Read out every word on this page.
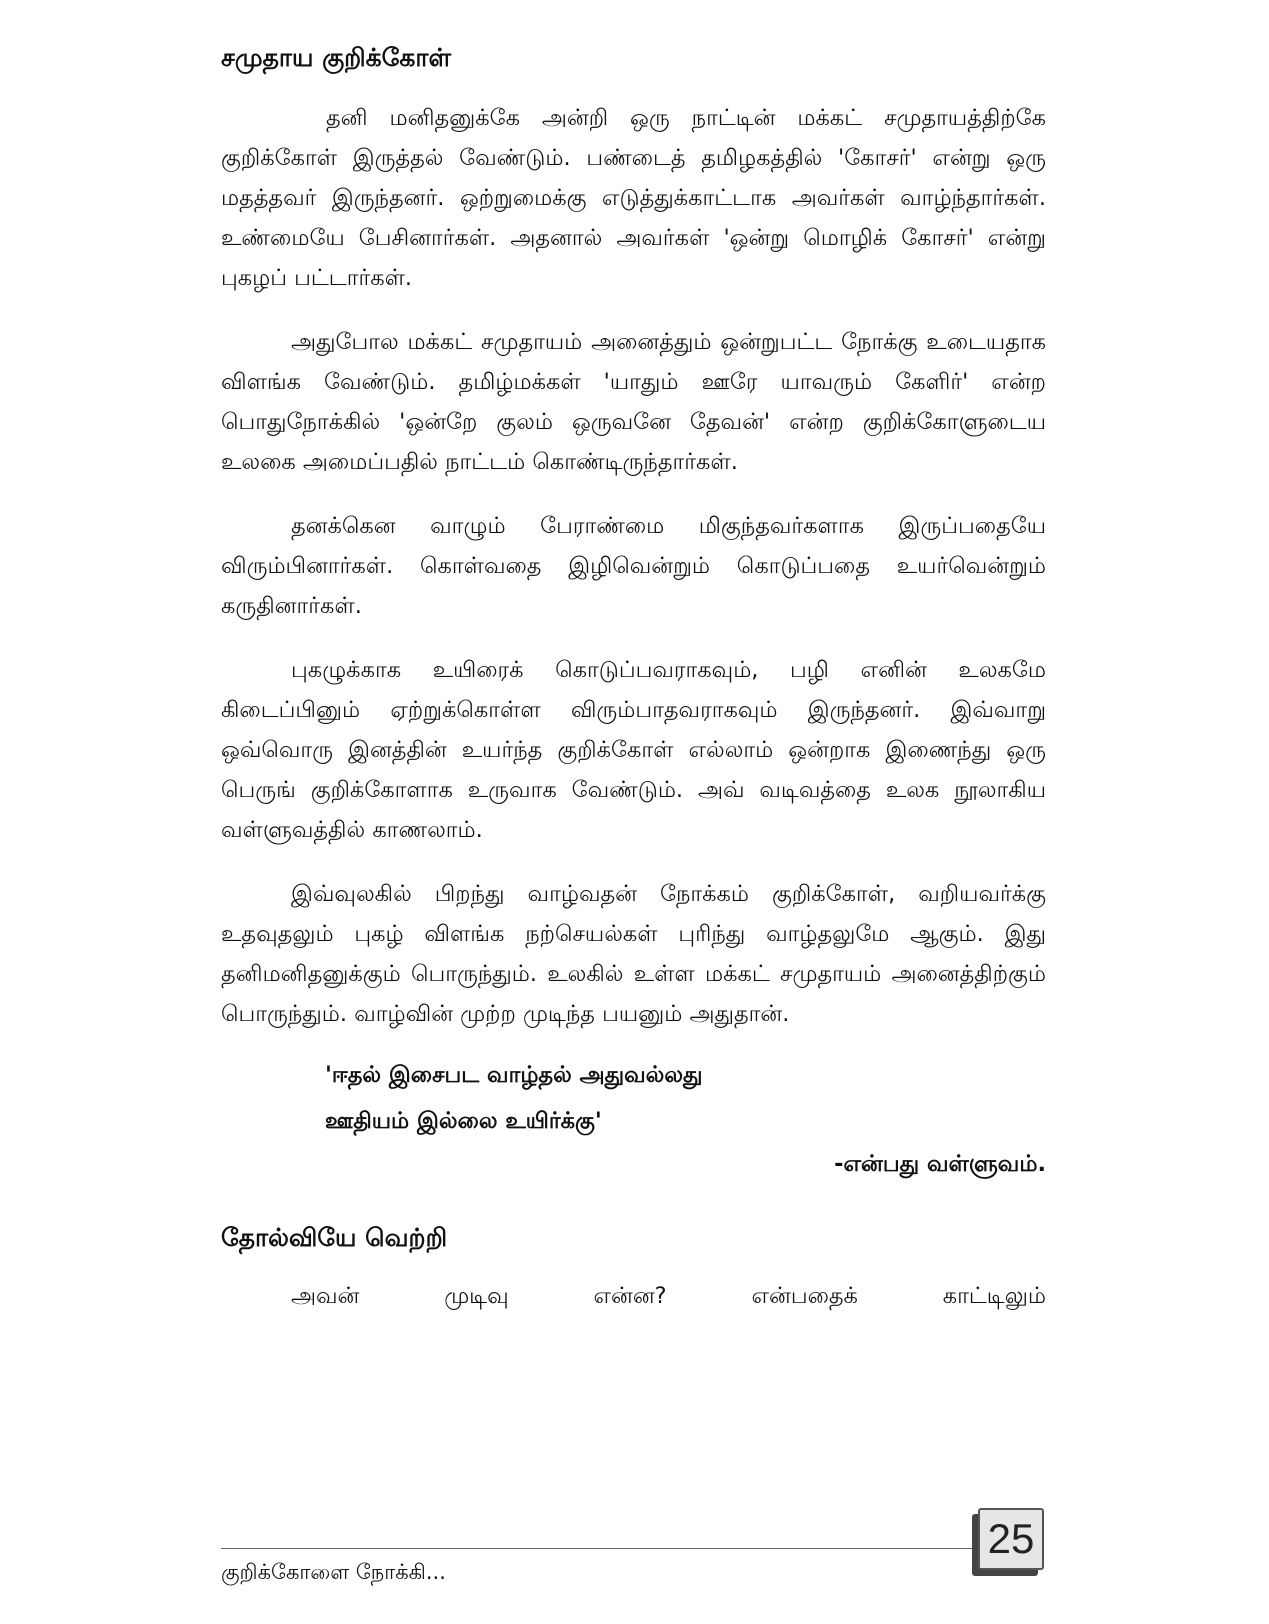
சமுதாய குறிக்கோள்

தனி மனிதனுக்கே அன்றி ஒரு நாட்டின் மக்கட் சமுதாயத்திற்கே குறிக்கோள் இருத்தல் வேண்டும். பண்டைத் தமிழகத்தில் 'கோசர்' என்று ஒரு மதத்தவர் இருந்தனர். ஒற்றுமைக்கு எடுத்துக்காட்டாக அவர்கள் வாழ்ந்தார்கள். உண்மையே பேசினார்கள். அதனால் அவர்கள் 'ஒன்று மொழிக் கோசர்' என்று புகழப் பட்டார்கள்.

அதுபோல மக்கட் சமுதாயம் அனைத்தும் ஒன்றுபட்ட நோக்கு உடையதாக விளங்க வேண்டும். தமிழ்மக்கள் 'யாதும் ஊரே யாவரும் கேளிர்' என்ற பொதுநோக்கில் 'ஒன்றே குலம் ஒருவனே தேவன்' என்ற குறிக்கோளுடைய உலகை அமைப்பதில் நாட்டம் கொண்டிருந்தார்கள்.

தனக்கென வாழும் பேராண்மை மிகுந்தவர்களாக இருப்பதையே விரும்பினார்கள். கொள்வதை இழிவென்றும் கொடுப்பதை உயர்வென்றும் கருதினார்கள்.

புகழுக்காக உயிரைக் கொடுப்பவராகவும், பழி எனின் உலகமே கிடைப்பினும் ஏற்றுக்கொள்ள விரும்பாதவராகவும் இருந்தனர். இவ்வாறு ஒவ்வொரு இனத்தின் உயர்ந்த குறிக்கோள் எல்லாம் ஒன்றாக இணைந்து ஒரு பெருங் குறிக்கோளாக உருவாக வேண்டும். அவ் வடிவத்தை உலக நூலாகிய வள்ளுவத்தில் காணலாம்.

இவ்வுலகில் பிறந்து வாழ்வதன் நோக்கம் குறிக்கோள், வறியவர்க்கு உதவுதலும் புகழ் விளங்க நற்செயல்கள் புரிந்து வாழ்தலுமே ஆகும். இது தனிமனிதனுக்கும் பொருந்தும். உலகில் உள்ள மக்கட் சமுதாயம் அனைத்திற்கும் பொருந்தும். வாழ்வின் முற்ற முடிந்த பயனும் அதுதான்.

'ஈதல் இசைபட வாழ்தல் அதுவல்லது
ஊதியம் இல்லை உயிர்க்கு'
-என்பது வள்ளுவம்.
தோல்வியே வெற்றி
அவன் முடிவு என்ன? என்பதைக் காட்டிலும்
குறிக்கோளை நோக்கி...
25
